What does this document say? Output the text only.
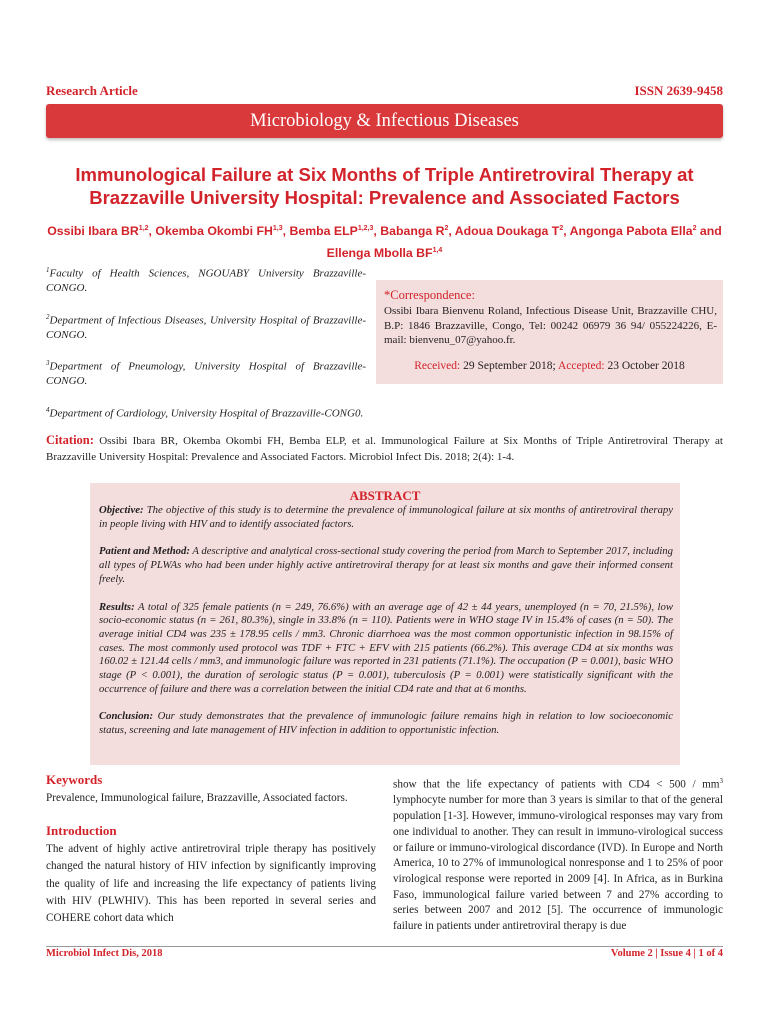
Research Article	ISSN 2639-9458
Microbiology & Infectious Diseases
Immunological Failure at Six Months of Triple Antiretroviral Therapy at
Brazzaville University Hospital: Prevalence and Associated Factors
Ossibi Ibara BR$^{1,2}$, Okemba Okombi FH$^{1,3}$, Bemba ELP$^{1,2,3}$, Babanga $R^2$, Adoua Doukaga $T^2$, Angonga Pabota Ella$^2$ and Ellenga Mbolla BF$^{1,4}$

$^1$Faculty of Health Sciences, NGOUABY University Brazzaville-CONGO.

$^2$Department of Infectious Diseases, University Hospital of Brazzaville-CONGO.

$^3$Department of Pneumology, University Hospital of Brazzaville-CONGO.

$^4$Department of Cardiology, University Hospital of Brazzaville-CONG0.

*Correspondence:
Ossibi Ibara Bienvenu Roland, Infectious Disease Unit, Brazzaville CHU, B.P: 1846 Brazzaville, Congo, Tel: 00242 06979 36 94/ 055224226, E-mail: bienvenu_07@yahoo.fr.
Received: 29 September 2018; Accepted: 23 October 2018
Citation: Ossibi Ibara BR, Okemba Okombi FH, Bemba ELP, et al. Immunological Failure at Six Months of Triple Antiretroviral Therapy at Brazzaville University Hospital: Prevalence and Associated Factors. Microbiol Infect Dis. 2018; 2(4): 1-4.
ABSTRACT

Objective: The objective of this study is to determine the prevalence of immunological failure at six months of antiretroviral therapy in people living with HIV and to identify associated factors.

Patient and Method: A descriptive and analytical cross-sectional study covering the period from March to September 2017, including all types of PLWAs who had been under highly active antiretroviral therapy for at least six months and gave their informed consent freely.

Results: A total of 325 female patients (n = 249, 76.6%) with an average age of 42 ± 44 years, unemployed (n = 70, 21.5%), low socio-economic status (n = 261, 80.3%), single in 33.8% (n = 110). Patients were in WHO stage IV in 15.4% of cases (n = 50). The average initial CD4 was 235 ± 178.95 cells / mm3. Chronic diarrhoea was the most common opportunistic infection in 98.15% of cases. The most commonly used protocol was TDF + FTC + EFV with 215 patients (66.2%). This average CD4 at six months was 160.02 ± 121.44 cells / mm3, and immunologic failure was reported in 231 patients (71.1%). The occupation (P = 0.001), basic WHO stage (P < 0.001), the duration of serologic status (P = 0.001), tuberculosis (P = 0.001) were statistically significant with the occurrence of failure and there was a correlation between the initial CD4 rate and that at 6 months.

Conclusion: Our study demonstrates that the prevalence of immunologic failure remains high in relation to low socioeconomic status, screening and late management of HIV infection in addition to opportunistic infection.

Keywords
Prevalence, Immunological failure, Brazzaville, Associated factors.
Introduction
The advent of highly active antiretroviral triple therapy has positively changed the natural history of HIV infection by significantly improving the quality of life and increasing the life expectancy of patients living with HIV (PLWHIV). This has been reported in several series and COHERE cohort data which
show that the life expectancy of patients with $CD4 < 500 / mm^3$ lymphocyte number for more than 3 years is similar to that of the general population [1-3]. However, immuno-virological responses may vary from one individual to another. They can result in immuno-virological success or failure or immuno-virological discordance (IVD). In Europe and North America, 10 to 27% of immunological nonresponse and 1 to 25% of poor virological response were reported in 2009 [4]. In Africa, as in Burkina Faso, immunological failure varied between 7 and 27% according to series between 2007 and 2012 [5]. The occurrence of immunologic failure in patients under antiretroviral therapy is due
Microbiol Infect Dis, 2018	Volume 2 | Issue 4 | 1 of 4
